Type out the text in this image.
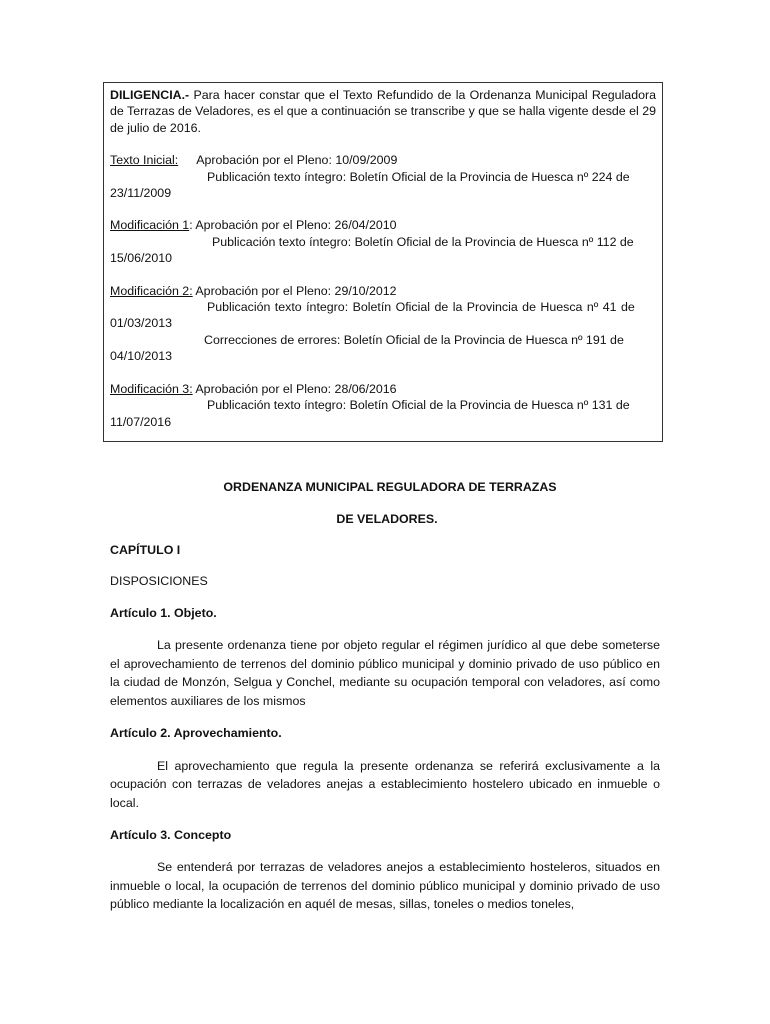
DILIGENCIA.- Para hacer constar que el Texto Refundido de la Ordenanza Municipal Reguladora de Terrazas de Veladores, es el que a continuación se transcribe y que se halla vigente desde el 29 de julio de 2016.
Texto Inicial: Aprobación por el Pleno: 10/09/2009
Publicación texto íntegro: Boletín Oficial de la Provincia de Huesca nº 224 de
23/11/2009
Modificación 1: Aprobación por el Pleno: 26/04/2010
Publicación texto íntegro: Boletín Oficial de la Provincia de Huesca nº 112 de
15/06/2010
Modificación 2: Aprobación por el Pleno: 29/10/2012
Publicación texto íntegro: Boletín Oficial de la Provincia de Huesca nº 41 de
01/03/2013
Correcciones de errores: Boletín Oficial de la Provincia de Huesca nº 191 de
04/10/2013
Modificación 3: Aprobación por el Pleno: 28/06/2016
Publicación texto íntegro: Boletín Oficial de la Provincia de Huesca nº 131 de
11/07/2016
ORDENANZA MUNICIPAL REGULADORA DE TERRAZAS
DE VELADORES.
CAPÍTULO I
DISPOSICIONES
Artículo 1. Objeto.
La presente ordenanza tiene por objeto regular el régimen jurídico al que debe someterse el aprovechamiento de terrenos del dominio público municipal y dominio privado de uso público en la ciudad de Monzón, Selgua y Conchel, mediante su ocupación temporal con veladores, así como elementos auxiliares de los mismos
Artículo 2. Aprovechamiento.
El aprovechamiento que regula la presente ordenanza se referirá exclusivamente a la ocupación con terrazas de veladores anejas a establecimiento hostelero ubicado en inmueble o local.
Artículo 3. Concepto
Se entenderá por terrazas de veladores anejos a establecimiento hosteleros, situados en inmueble o local, la ocupación de terrenos del dominio público municipal y dominio privado de uso público mediante la localización en aquél de mesas, sillas, toneles o medios toneles,
